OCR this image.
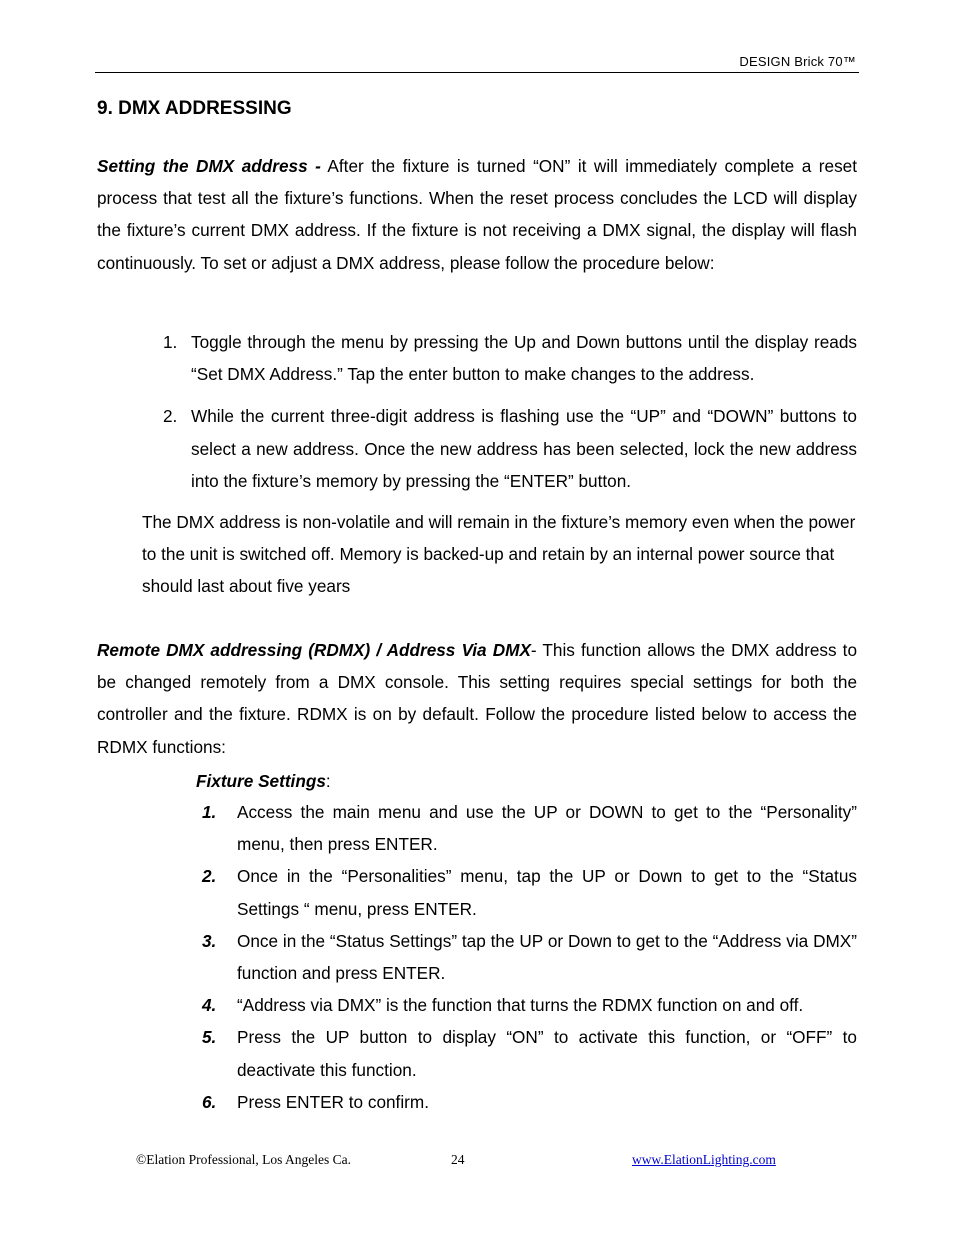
DESIGN Brick 70™
9. DMX ADDRESSING

Setting the DMX address - After the fixture is turned “ON” it will immediately complete a reset process that test all the fixture’s functions. When the reset process concludes the LCD will display the fixture’s current DMX address. If the fixture is not receiving a DMX signal, the display will flash continuously. To set or adjust a DMX address, please follow the procedure below:

1. Toggle through the menu by pressing the Up and Down buttons until the display reads “Set DMX Address.” Tap the enter button to make changes to the address.
2. While the current three-digit address is flashing use the “UP” and “DOWN” buttons to select a new address. Once the new address has been selected, lock the new address into the fixture’s memory by pressing the “ENTER” button.

The DMX address is non-volatile and will remain in the fixture’s memory even when the power to the unit is switched off. Memory is backed-up and retain by an internal power source that should last about five years

Remote DMX addressing (RDMX) / Address Via DMX- This function allows the DMX address to be changed remotely from a DMX console. This setting requires special settings for both the controller and the fixture. RDMX is on by default. Follow the procedure listed below to access the RDMX functions:

Fixture Settings:

1. Access the main menu and use the UP or DOWN to get to the “Personality” menu, then press ENTER.
2. Once in the “Personalities” menu, tap the UP or Down to get to the “Status Settings “ menu, press ENTER.
3. Once in the “Status Settings” tap the UP or Down to get to the “Address via DMX” function and press ENTER.
4. “Address via DMX” is the function that turns the RDMX function on and off.
5. Press the UP button to display “ON” to activate this function, or “OFF” to deactivate this function.
6. Press ENTER to confirm.
©Elation Professional, Los Angeles Ca.	24	www.ElationLighting.com
